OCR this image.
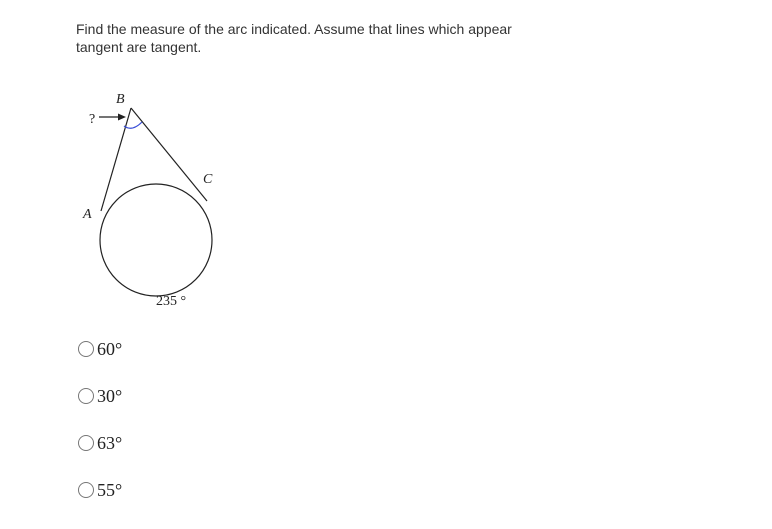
Find the measure of the arc indicated. Assume that lines which appear tangent are tangent.
B
?
C
A
235 °
60°
30°
63°
55°
